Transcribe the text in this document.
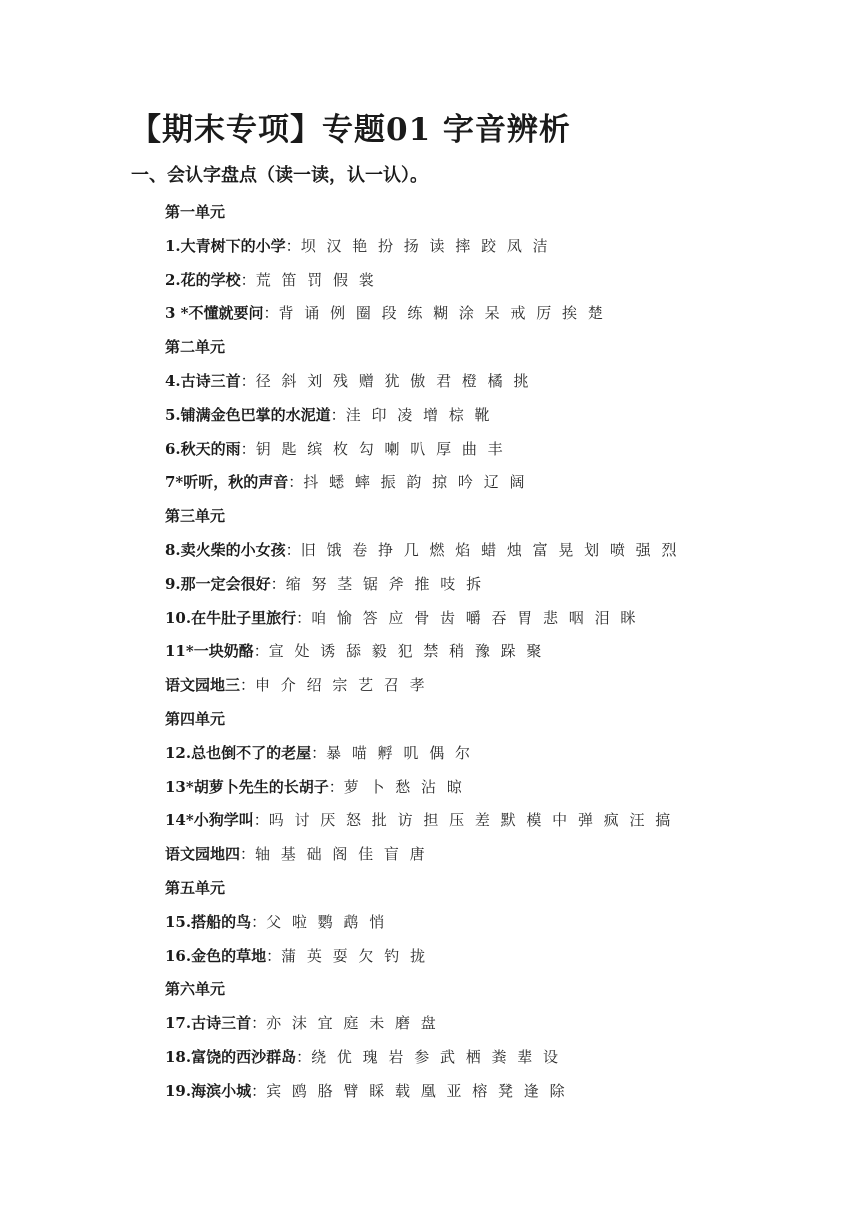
【期末专项】专题01 字音辨析
一、会认字盘点（读一读，认一认）。
第一单元
1.大青树下的小学：坝 汉 艳 扮 扬 读 摔 跤 凤 洁
2.花的学校：荒 笛 罚 假 裳
3 *不懂就要问：背 诵 例 圈 段 练 糊 涂 呆 戒 厉 挨 楚
第二单元
4.古诗三首：径 斜 刘 残 赠 犹 傲 君 橙 橘 挑
5.铺满金色巴掌的水泥道：洼 印 凌 增 棕 靴
6.秋天的雨：钥 匙 缤 枚 勾 喇 叭 厚 曲 丰
7*听听，秋的声音：抖 蟋 蟀 振 韵 掠 吟 辽 阔
第三单元
8.卖火柴的小女孩：旧 饿 卷 挣 几 燃 焰 蜡 烛 富 晃 划 喷 强 烈
9.那一定会很好：缩 努 茎 锯 斧 推 吱 拆
10.在牛肚子里旅行：咱 愉 答 应 骨 齿 嚼 吞 胃 悲 咽 泪 眯
11*一块奶酪：宣 处 诱 舔 毅 犯 禁 稍 豫 跺 聚
语文园地三：申 介 绍 宗 艺 召 孝
第四单元
12.总也倒不了的老屋：暴 喵 孵 叽 偶 尔
13*胡萝卜先生的长胡子：萝 卜 愁 沾 晾
14*小狗学叫：吗 讨 厌 怒 批 访 担 压 差 默 模 中 弹 疯 汪 搞
语文园地四：轴 基 础 阁 佳 盲 唐
第五单元
15.搭船的鸟：父 啦 鹦 鹉 悄
16.金色的草地：蒲 英 耍 欠 钓 拢
第六单元
17.古诗三首：亦 沫 宜 庭 未 磨 盘
18.富饶的西沙群岛：绕 优 瑰 岩 参 武 栖 粪 辈 设
19.海滨小城：宾 鸥 胳 臂 睬 载 凰 亚 榕 凳 逢 除
